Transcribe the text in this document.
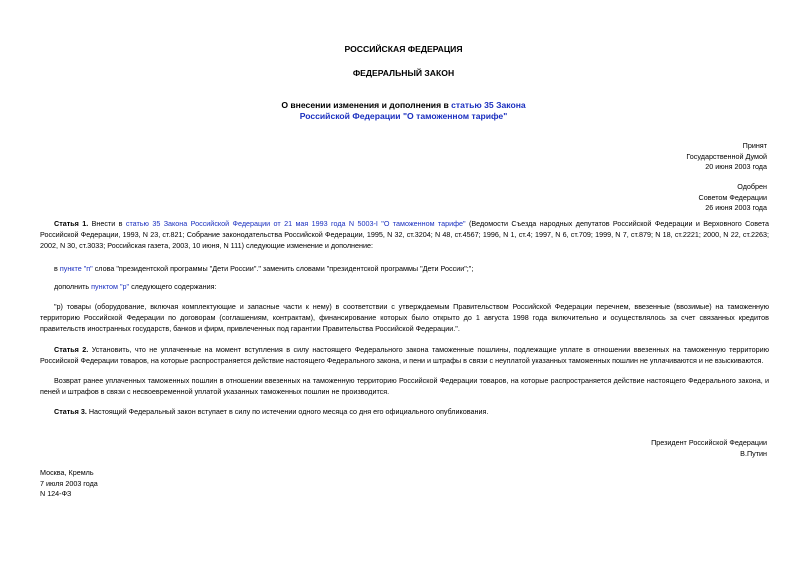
РОССИЙСКАЯ ФЕДЕРАЦИЯ
ФЕДЕРАЛЬНЫЙ ЗАКОН
О внесении изменения и дополнения в статью 35 Закона
Российской Федерации "О таможенном тарифе"
Принят
Государственной Думой
20 июня 2003 года
Одобрен
Советом Федерации
26 июня 2003 года
Статья 1. Внести в статью 35 Закона Российской Федерации от 21 мая 1993 года N 5003-I "О таможенном тарифе" (Ведомости Съезда народных депутатов Российской Федерации и Верховного Совета Российской Федерации, 1993, N 23, ст.821; Собрание законодательства Российской Федерации, 1995, N 32, ст.3204; N 48, ст.4567; 1996, N 1, ст.4; 1997, N 6, ст.709; 1999, N 7, ст.879; N 18, ст.2221; 2000, N 22, ст.2263; 2002, N 30, ст.3033; Российская газета, 2003, 10 июня, N 111) следующие изменение и дополнение:
в пункте "п" слова "президентской программы "Дети России"." заменить словами "президентской программы "Дети России";";
дополнить пунктом "р" следующего содержания:
"р) товары (оборудование, включая комплектующие и запасные части к нему) в соответствии с утверждаемым Правительством Российской Федерации перечнем, ввезенные (ввозимые) на таможенную территорию Российской Федерации по договорам (соглашениям, контрактам), финансирование которых было открыто до 1 августа 1998 года включительно и осуществлялось за счет связанных кредитов правительств иностранных государств, банков и фирм, привлеченных под гарантии Правительства Российской Федерации.".
Статья 2. Установить, что не уплаченные на момент вступления в силу настоящего Федерального закона таможенные пошлины, подлежащие уплате в отношении ввезенных на таможенную территорию Российской Федерации товаров, на которые распространяется действие настоящего Федерального закона, и пени и штрафы в связи с неуплатой указанных таможенных пошлин не уплачиваются и не взыскиваются.
Возврат ранее уплаченных таможенных пошлин в отношении ввезенных на таможенную территорию Российской Федерации товаров, на которые распространяется действие настоящего Федерального закона, и пеней и штрафов в связи с несвоевременной уплатой указанных таможенных пошлин не производится.
Статья 3. Настоящий Федеральный закон вступает в силу по истечении одного месяца со дня его официального опубликования.
Президент Российской Федерации
В.Путин
Москва, Кремль
7 июля 2003 года
N 124-ФЗ
